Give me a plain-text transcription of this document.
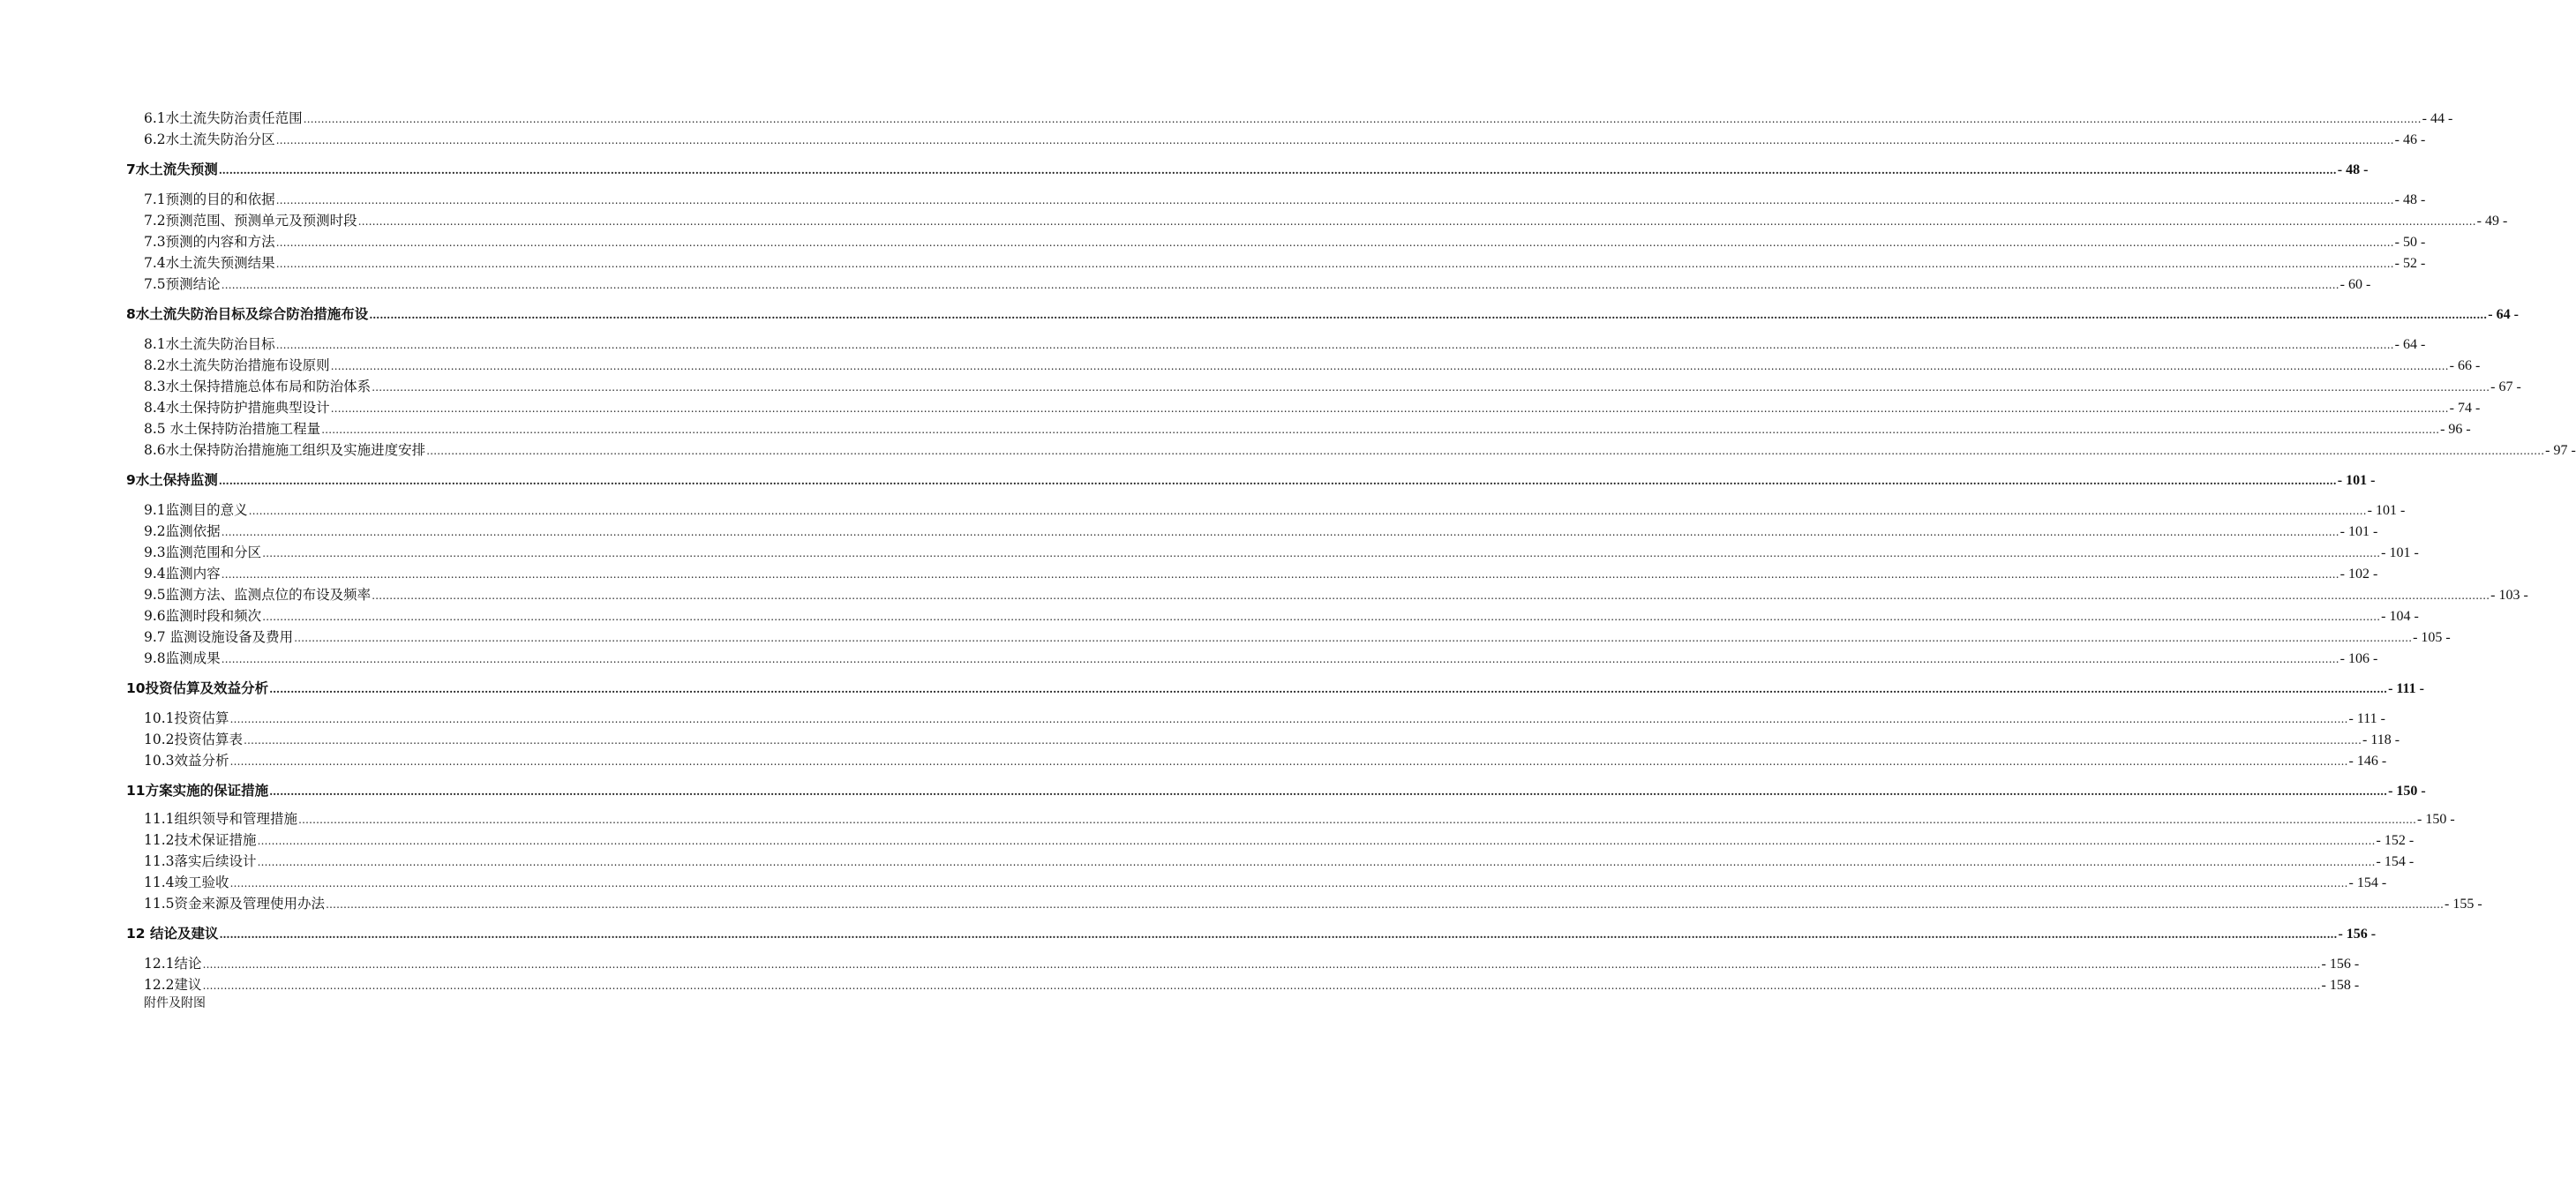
附件及附图
6.1水土流失防治责任范围 …………………………………………………………………………………………………………………………………………………………………………………………………………………………………………………………………………………………………………………………………………………………………………………………………………………………………………………………………………………………………………………………………………………… - 44 -
6.2水土流失防治分区 …………………………………………………………………………………………………………………………………………………………………………………………………………………………………………………………………………………………………………………………………………………………………………………………………………………………………………………………………………………………………………………………………………………… - 46 -
7水土流失预测 …………………………………………………………………………………………………………………………………………………………………………………………………………………………………………………………………………………………………………………………………………………………………………………………………………………………………………………………………………………………………………………………………………………… - 48 -
7.1预测的目的和依据 …………………………………………………………………………………………………………………………………………………………………………………………………………………………………………………………………………………………………………………………………………………………………………………………………………………………………………………………………………………………………………………………………………………… - 48 -
7.2预测范围、预测单元及预测时段 …………………………………………………………………………………………………………………………………………………………………………………………………………………………………………………………………………………………………………………………………………………………………………………………………………………………………………………………………………………………………………………………………………………… - 49 -
7.3预测的内容和方法 …………………………………………………………………………………………………………………………………………………………………………………………………………………………………………………………………………………………………………………………………………………………………………………………………………………………………………………………………………………………………………………………………………………… - 50 -
7.4水土流失预测结果 …………………………………………………………………………………………………………………………………………………………………………………………………………………………………………………………………………………………………………………………………………………………………………………………………………………………………………………………………………………………………………………………………………………… - 52 -
7.5预测结论 …………………………………………………………………………………………………………………………………………………………………………………………………………………………………………………………………………………………………………………………………………………………………………………………………………………………………………………………………………………………………………………………………………………… - 60 -
8水土流失防治目标及综合防治措施布设 …………………………………………………………………………………………………………………………………………………………………………………………………………………………………………………………………………………………………………………………………………………………………………………………………………………………………………………………………………………………………………………………………………………… - 64 -
8.1水土流失防治目标 …………………………………………………………………………………………………………………………………………………………………………………………………………………………………………………………………………………………………………………………………………………………………………………………………………………………………………………………………………………………………………………………………………………… - 64 -
8.2水土流失防治措施布设原则 …………………………………………………………………………………………………………………………………………………………………………………………………………………………………………………………………………………………………………………………………………………………………………………………………………………………………………………………………………………………………………………………………………………… - 66 -
8.3水土保持措施总体布局和防治体系 …………………………………………………………………………………………………………………………………………………………………………………………………………………………………………………………………………………………………………………………………………………………………………………………………………………………………………………………………………………………………………………………………………………… - 67 -
8.4水土保持防护措施典型设计 …………………………………………………………………………………………………………………………………………………………………………………………………………………………………………………………………………………………………………………………………………………………………………………………………………………………………………………………………………………………………………………………………………………… - 74 -
8.5 水土保持防治措施工程量 …………………………………………………………………………………………………………………………………………………………………………………………………………………………………………………………………………………………………………………………………………………………………………………………………………………………………………………………………………………………………………………………………………………… - 96 -
8.6水土保持防治措施施工组织及实施进度安排 …………………………………………………………………………………………………………………………………………………………………………………………………………………………………………………………………………………………………………………………………………………………………………………………………………………………………………………………………………………………………………………………………………………… - 97 -
9水土保持监测 …………………………………………………………………………………………………………………………………………………………………………………………………………………………………………………………………………………………………………………………………………………………………………………………………………………………………………………………………………………………………………………………………………………… - 101 -
9.1监测目的意义 …………………………………………………………………………………………………………………………………………………………………………………………………………………………………………………………………………………………………………………………………………………………………………………………………………………………………………………………………………………………………………………………………………………… - 101 -
9.2监测依据 …………………………………………………………………………………………………………………………………………………………………………………………………………………………………………………………………………………………………………………………………………………………………………………………………………………………………………………………………………………………………………………………………………………… - 101 -
9.3监测范围和分区 …………………………………………………………………………………………………………………………………………………………………………………………………………………………………………………………………………………………………………………………………………………………………………………………………………………………………………………………………………………………………………………………………………………… - 101 -
9.4监测内容 …………………………………………………………………………………………………………………………………………………………………………………………………………………………………………………………………………………………………………………………………………………………………………………………………………………………………………………………………………………………………………………………………………………… - 102 -
9.5监测方法、监测点位的布设及频率 …………………………………………………………………………………………………………………………………………………………………………………………………………………………………………………………………………………………………………………………………………………………………………………………………………………………………………………………………………………………………………………………………………………… - 103 -
9.6监测时段和频次 …………………………………………………………………………………………………………………………………………………………………………………………………………………………………………………………………………………………………………………………………………………………………………………………………………………………………………………………………………………………………………………………………………………… - 104 -
9.7 监测设施设备及费用 …………………………………………………………………………………………………………………………………………………………………………………………………………………………………………………………………………………………………………………………………………………………………………………………………………………………………………………………………………………………………………………………………………………… - 105 -
9.8监测成果 …………………………………………………………………………………………………………………………………………………………………………………………………………………………………………………………………………………………………………………………………………………………………………………………………………………………………………………………………………………………………………………………………………………… - 106 -
10投资估算及效益分析 …………………………………………………………………………………………………………………………………………………………………………………………………………………………………………………………………………………………………………………………………………………………………………………………………………………………………………………………………………………………………………………………………………………… - 111 -
10.1投资估算 …………………………………………………………………………………………………………………………………………………………………………………………………………………………………………………………………………………………………………………………………………………………………………………………………………………………………………………………………………………………………………………………………………………… - 111 -
10.2投资估算表 …………………………………………………………………………………………………………………………………………………………………………………………………………………………………………………………………………………………………………………………………………………………………………………………………………………………………………………………………………………………………………………………………………………… - 118 -
10.3效益分析 …………………………………………………………………………………………………………………………………………………………………………………………………………………………………………………………………………………………………………………………………………………………………………………………………………………………………………………………………………………………………………………………………………………… - 146 -
11方案实施的保证措施 …………………………………………………………………………………………………………………………………………………………………………………………………………………………………………………………………………………………………………………………………………………………………………………………………………………………………………………………………………………………………………………………………………………… - 150 -
11.1组织领导和管理措施 …………………………………………………………………………………………………………………………………………………………………………………………………………………………………………………………………………………………………………………………………………………………………………………………………………………………………………………………………………………………………………………………………………………… - 150 -
11.2技术保证措施 …………………………………………………………………………………………………………………………………………………………………………………………………………………………………………………………………………………………………………………………………………………………………………………………………………………………………………………………………………………………………………………………………………………… - 152 -
11.3落实后续设计 …………………………………………………………………………………………………………………………………………………………………………………………………………………………………………………………………………………………………………………………………………………………………………………………………………………………………………………………………………………………………………………………………………………… - 154 -
11.4竣工验收 …………………………………………………………………………………………………………………………………………………………………………………………………………………………………………………………………………………………………………………………………………………………………………………………………………………………………………………………………………………………………………………………………………………… - 154 -
11.5资金来源及管理使用办法 …………………………………………………………………………………………………………………………………………………………………………………………………………………………………………………………………………………………………………………………………………………………………………………………………………………………………………………………………………………………………………………………………………………… - 155 -
12 结论及建议 …………………………………………………………………………………………………………………………………………………………………………………………………………………………………………………………………………………………………………………………………………………………………………………………………………………………………………………………………………………………………………………………………………………… - 156 -
12.1结论 …………………………………………………………………………………………………………………………………………………………………………………………………………………………………………………………………………………………………………………………………………………………………………………………………………………………………………………………………………………………………………………………………………………… - 156 -
12.2建议 …………………………………………………………………………………………………………………………………………………………………………………………………………………………………………………………………………………………………………………………………………………………………………………………………………………………………………………………………………………………………………………………………………………… - 158 -
